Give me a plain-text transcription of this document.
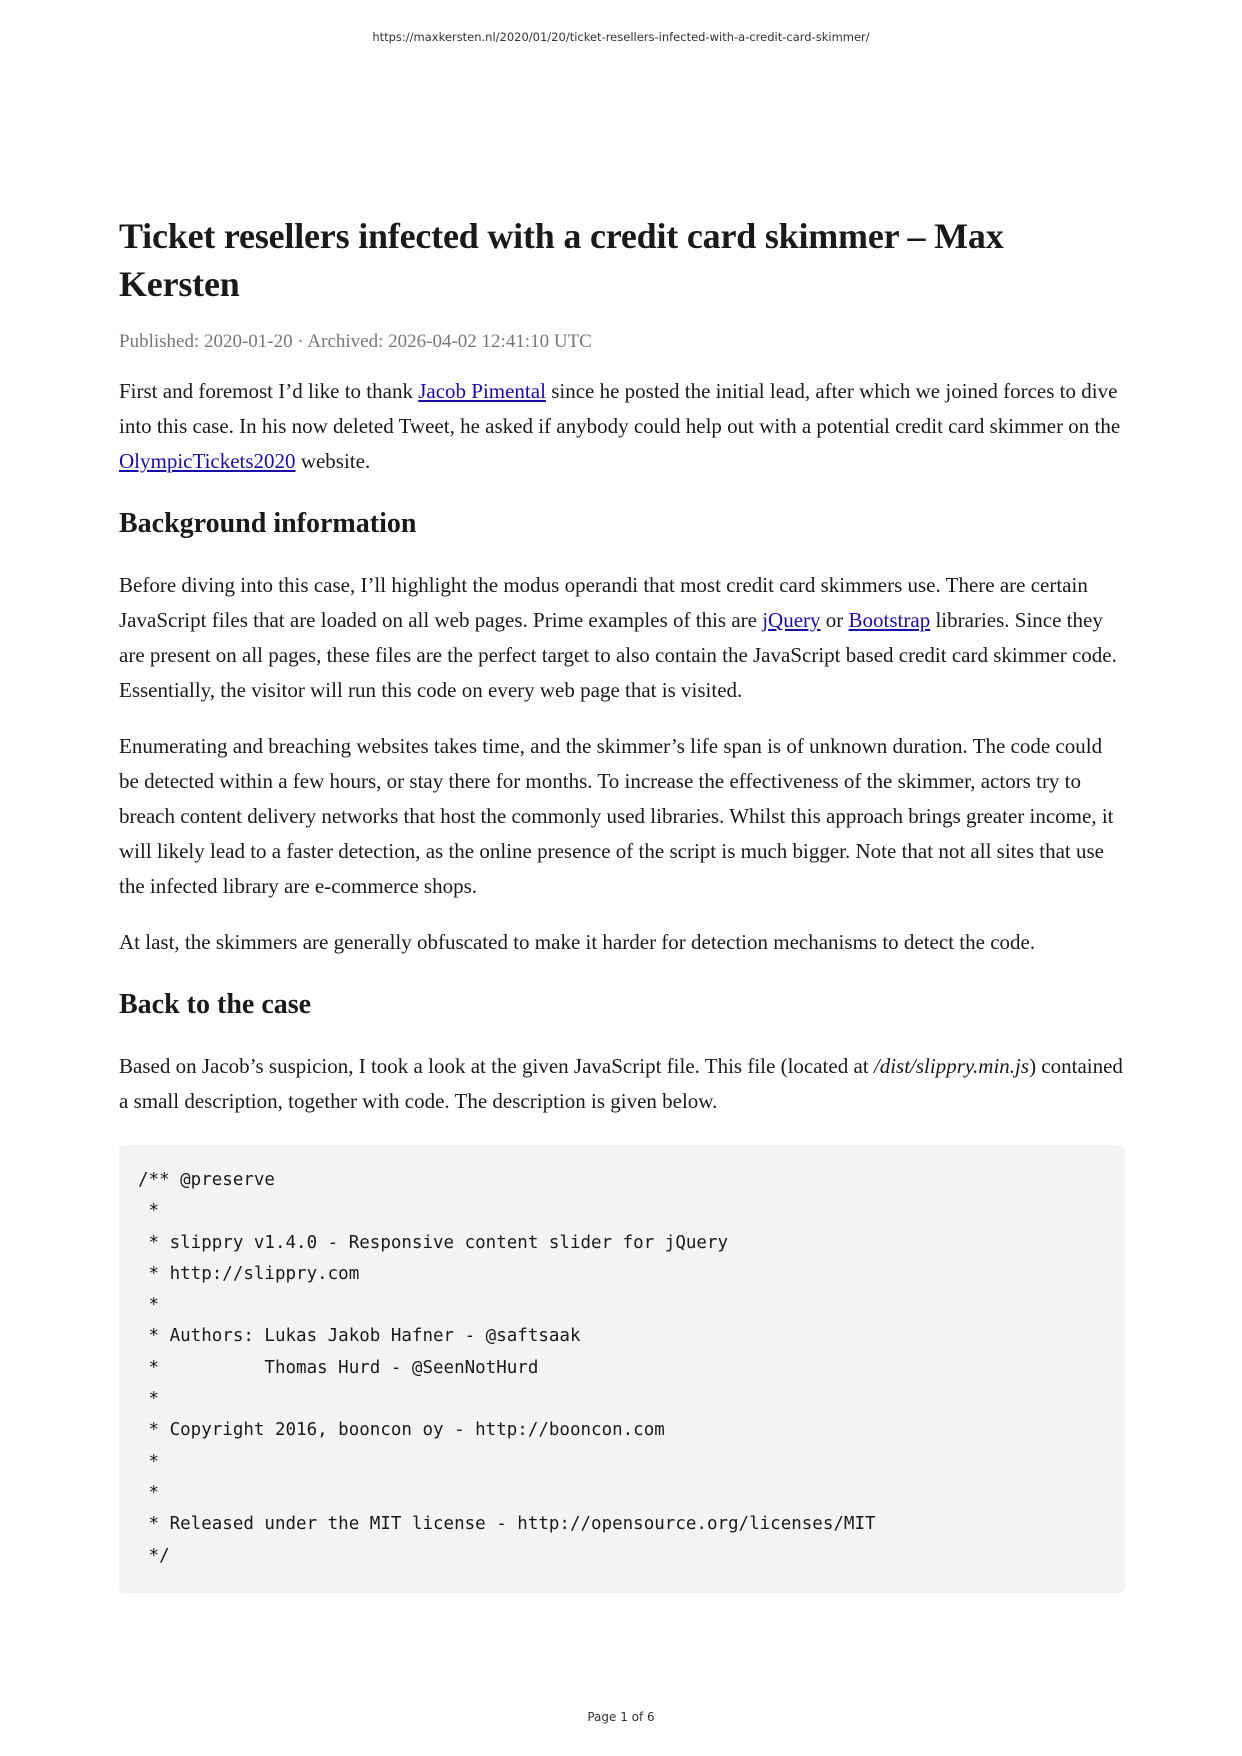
https://maxkersten.nl/2020/01/20/ticket-resellers-infected-with-a-credit-card-skimmer/
Ticket resellers infected with a credit card skimmer – Max Kersten
Published: 2020-01-20 · Archived: 2026-04-02 12:41:10 UTC

First and foremost I’d like to thank Jacob Pimental since he posted the initial lead, after which we joined forces to dive into this case. In his now deleted Tweet, he asked if anybody could help out with a potential credit card skimmer on the OlympicTickets2020 website.

Background information

Before diving into this case, I’ll highlight the modus operandi that most credit card skimmers use. There are certain JavaScript files that are loaded on all web pages. Prime examples of this are jQuery or Bootstrap libraries. Since they are present on all pages, these files are the perfect target to also contain the JavaScript based credit card skimmer code. Essentially, the visitor will run this code on every web page that is visited.

Enumerating and breaching websites takes time, and the skimmer’s life span is of unknown duration. The code could be detected within a few hours, or stay there for months. To increase the effectiveness of the skimmer, actors try to breach content delivery networks that host the commonly used libraries. Whilst this approach brings greater income, it will likely lead to a faster detection, as the online presence of the script is much bigger. Note that not all sites that use the infected library are e-commerce shops.

At last, the skimmers are generally obfuscated to make it harder for detection mechanisms to detect the code.

Back to the case

Based on Jacob’s suspicion, I took a look at the given JavaScript file. This file (located at /dist/slippry.min.js) contained a small description, together with code. The description is given below.

/** @preserve
*
* slippry v1.4.0 - Responsive content slider for jQuery
* http://slippry.com
*
* Authors: Lukas Jakob Hafner - @saftsaak
*          Thomas Hurd - @SeenNotHurd
*
* Copyright 2016, booncon oy - http://booncon.com
*
*
* Released under the MIT license - http://opensource.org/licenses/MIT
*/
Page 1 of 6
